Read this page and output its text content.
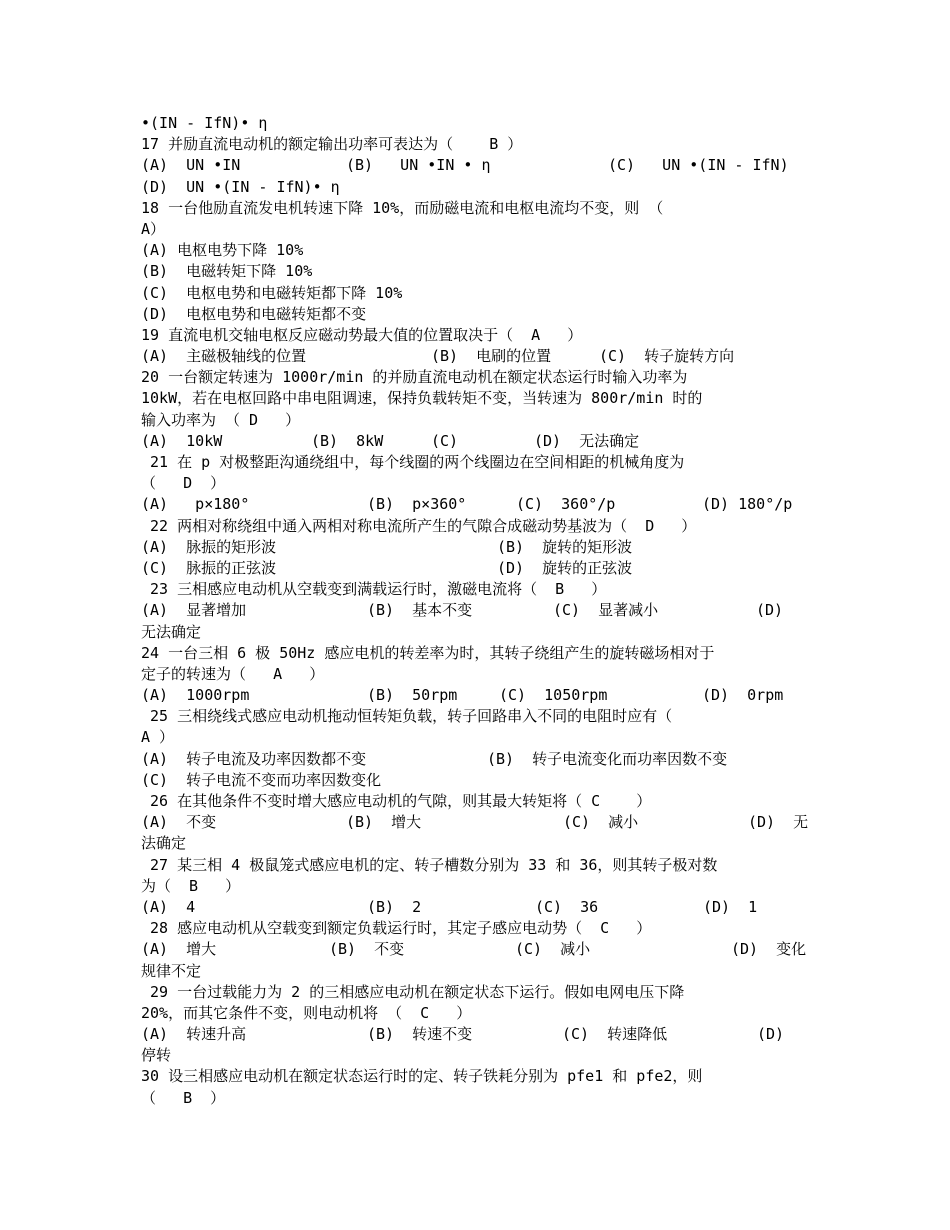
•(IN - IfN)• η
17 并励直流电动机的额定输出功率可表达为（    B ）
(A)  UN •IN	(B)   UN •IN • η	(C)   UN •(IN - IfN)
(D)  UN •(IN - IfN)• η
18 一台他励直流发电机转速下降 10%，而励磁电流和电枢电流均不变，则 （
A）
(A) 电枢电势下降 10%
(B)  电磁转矩下降 10%
(C)  电枢电势和电磁转矩都下降 10%
(D)  电枢电势和电磁转矩都不变
19 直流电机交轴电枢反应磁动势最大值的位置取决于（  A   ）
(A)  主磁极轴线的位置	(B)  电刷的位置	(C)  转子旋转方向
20 一台额定转速为 1000r/min 的并励直流电动机在额定状态运行时输入功率为
10kW，若在电枢回路中串电阻调速，保持负载转矩不变，当转速为 800r/min 时的
输入功率为 （ D   ）
(A)  10kW	(B)  8kW	(C)	(D)  无法确定
21 在 p 对极整距沟通绕组中，每个线圈的两个线圈边在空间相距的机械角度为
（   D  ）
(A)   p×180°	(B)  p×360°	(C)  360°/p	(D) 180°/p
22 两相对称绕组中通入两相对称电流所产生的气隙合成磁动势基波为（  D   ）
(A)  脉振的矩形波	(B)  旋转的矩形波
(C)  脉振的正弦波	(D)  旋转的正弦波
23 三相感应电动机从空载变到满载运行时，激磁电流将（  B   ）
(A)  显著增加	(B)  基本不变	(C)  显著减小	(D)
无法确定
24 一台三相 6 极 50Hz 感应电机的转差率为时，其转子绕组产生的旋转磁场相对于
定子的转速为（   A   ）
(A)  1000rpm	(B)  50rpm	(C)  1050rpm	(D)  0rpm
25 三相绕线式感应电动机拖动恒转矩负载，转子回路串入不同的电阻时应有（
A ）
(A)  转子电流及功率因数都不变	(B)  转子电流变化而功率因数不变
(C)  转子电流不变而功率因数变化
26 在其他条件不变时增大感应电动机的气隙，则其最大转矩将（ C    ）
(A)  不变	(B)  增大	(C)  减小	(D)  无
法确定
27 某三相 4 极鼠笼式感应电机的定、转子槽数分别为 33 和 36，则其转子极对数
为（  B   ）
(A)  4	(B)  2	(C)  36	(D)  1
28 感应电动机从空载变到额定负载运行时，其定子感应电动势（  C   ）
(A)  增大	(B)  不变	(C)  减小	(D)  变化
规律不定
29 一台过载能力为 2 的三相感应电动机在额定状态下运行。假如电网电压下降
20%，而其它条件不变，则电动机将 （  C   ）
(A)  转速升高	(B)  转速不变	(C)  转速降低	(D)
停转
30 设三相感应电动机在额定状态运行时的定、转子铁耗分别为 pfe1 和 pfe2，则
（   B  ）
